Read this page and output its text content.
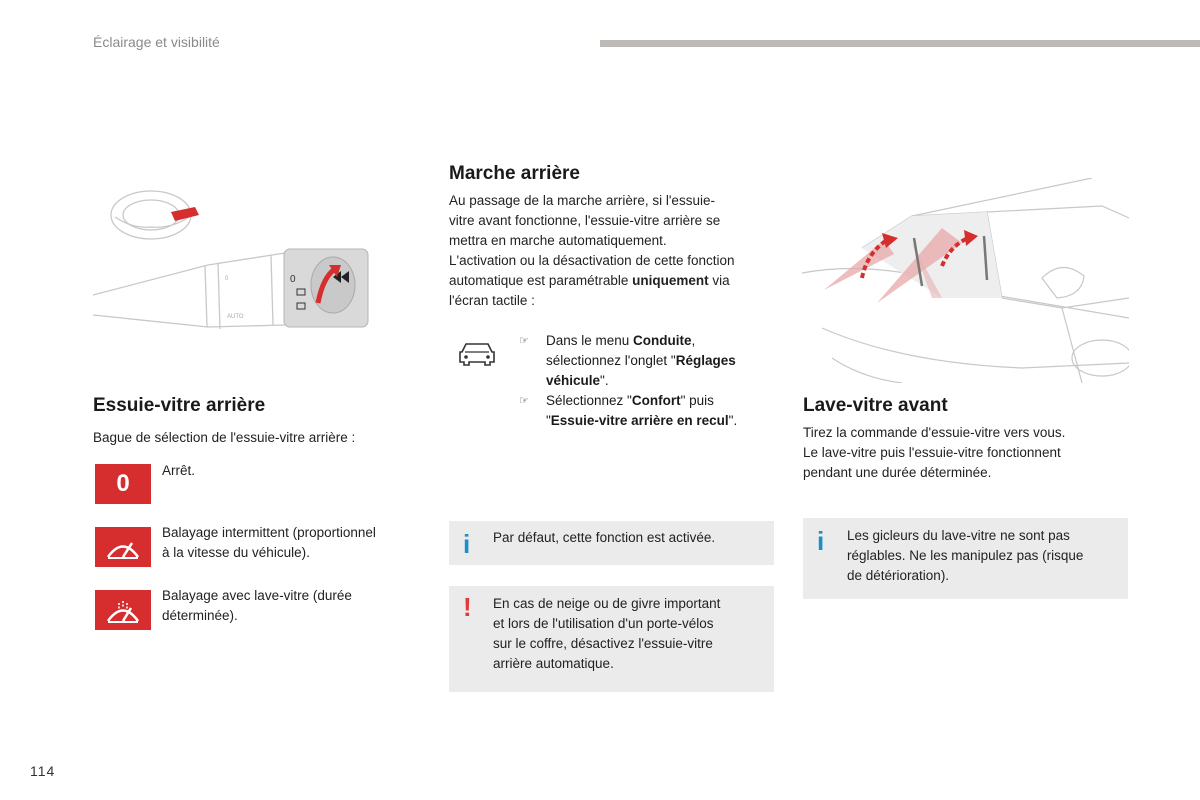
Éclairage et visibilité
0
AUTO
0
Essuie-vitre arrière
Bague de sélection de l'essuie-vitre arrière :
0 Arrêt.
Balayage intermittent (proportionnel
à la vitesse du véhicule).
Balayage avec lave-vitre (durée
déterminée).
Marche arrière
Au passage de la marche arrière, si l'essuie-
vitre avant fonctionne, l'essuie-vitre arrière se
mettra en marche automatiquement.
L'activation ou la désactivation de cette fonction
automatique est paramétrable uniquement via
l'écran tactile :
☞ Dans le menu Conduite,
sélectionnez l'onglet "Réglages
véhicule".
☞ Sélectionnez "Confort" puis
"Essuie-vitre arrière en recul".
i Par défaut, cette fonction est activée.
! En cas de neige ou de givre important
et lors de l'utilisation d'un porte-vélos
sur le coffre, désactivez l'essuie-vitre
arrière automatique.
Lave-vitre avant
Tirez la commande d'essuie-vitre vers vous.
Le lave-vitre puis l'essuie-vitre fonctionnent
pendant une durée déterminée.
i Les gicleurs du lave-vitre ne sont pas
réglables. Ne les manipulez pas (risque
de détérioration).
114
